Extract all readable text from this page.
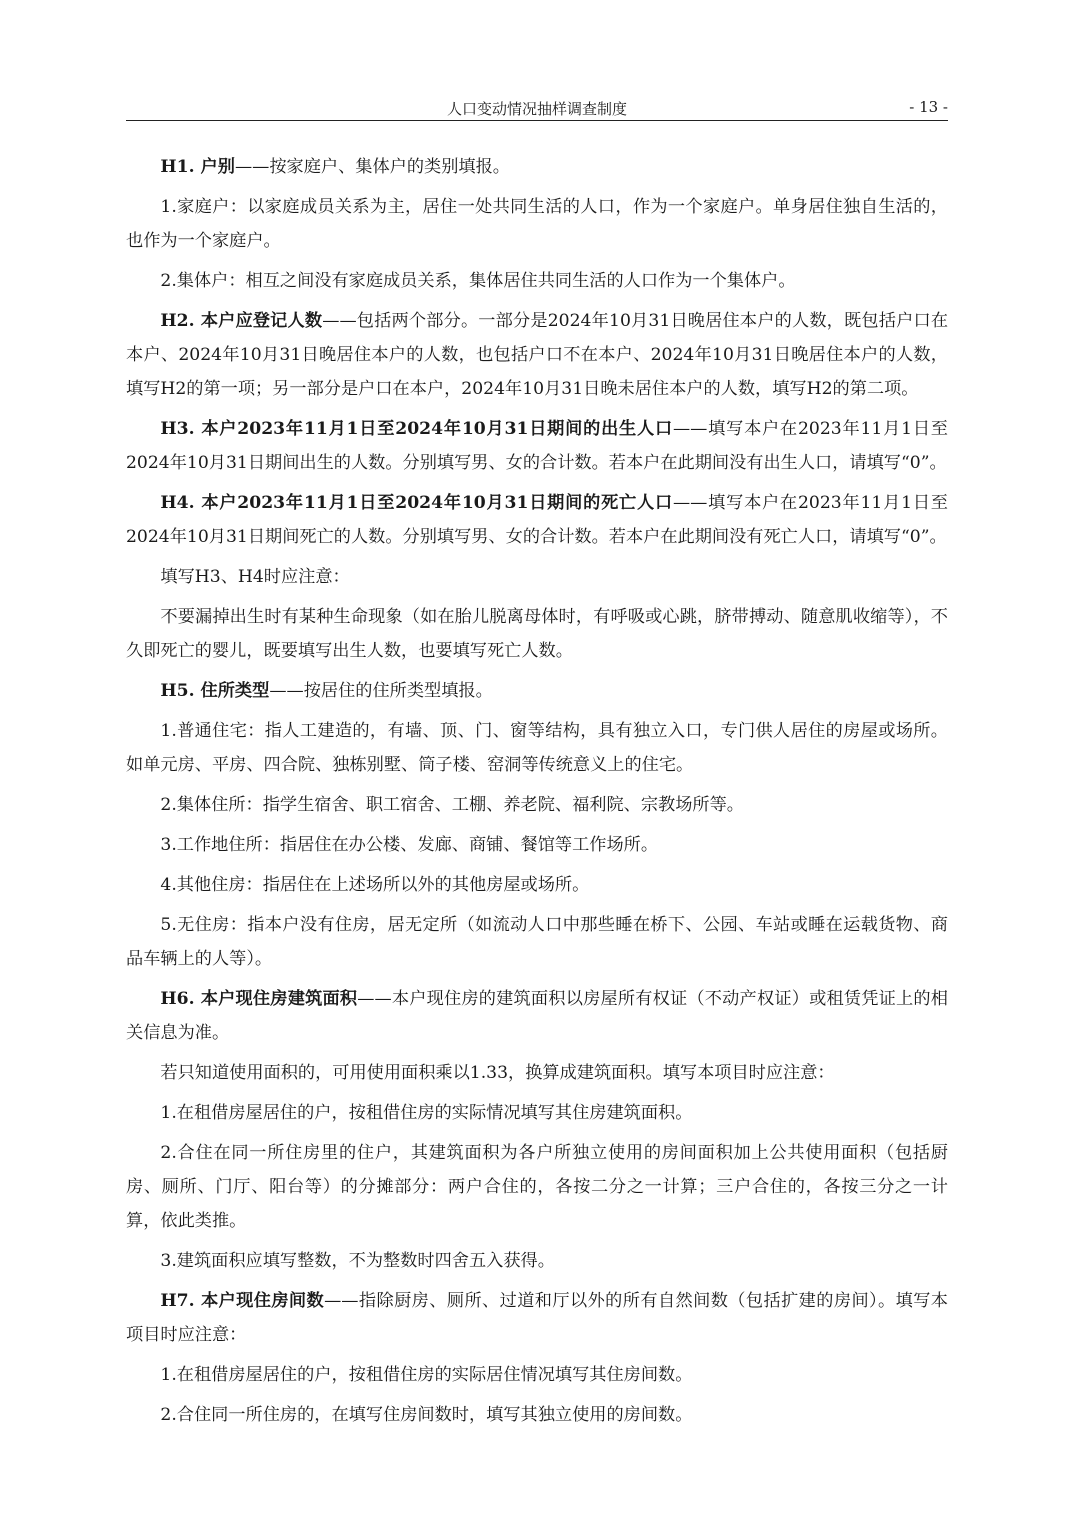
人口变动情况抽样调查制度	- 13 -

H1. 户别——按家庭户、集体户的类别填报。

1.家庭户：以家庭成员关系为主，居住一处共同生活的人口，作为一个家庭户。单身居住独自生活的，也作为一个家庭户。

2.集体户：相互之间没有家庭成员关系，集体居住共同生活的人口作为一个集体户。

H2. 本户应登记人数——包括两个部分。一部分是2024年10月31日晚居住本户的人数，既包括户口在本户、2024年10月31日晚居住本户的人数，也包括户口不在本户、2024年10月31日晚居住本户的人数，填写H2的第一项；另一部分是户口在本户，2024年10月31日晚未居住本户的人数，填写H2的第二项。

H3. 本户2023年11月1日至2024年10月31日期间的出生人口——填写本户在2023年11月1日至2024年10月31日期间出生的人数。分别填写男、女的合计数。若本户在此期间没有出生人口，请填写“0”。

H4. 本户2023年11月1日至2024年10月31日期间的死亡人口——填写本户在2023年11月1日至2024年10月31日期间死亡的人数。分别填写男、女的合计数。若本户在此期间没有死亡人口，请填写“0”。

填写H3、H4时应注意：

不要漏掉出生时有某种生命现象（如在胎儿脱离母体时，有呼吸或心跳，脐带搏动、随意肌收缩等），不久即死亡的婴儿，既要填写出生人数，也要填写死亡人数。

H5. 住所类型——按居住的住所类型填报。

1.普通住宅：指人工建造的，有墙、顶、门、窗等结构，具有独立入口，专门供人居住的房屋或场所。如单元房、平房、四合院、独栋别墅、筒子楼、窑洞等传统意义上的住宅。

2.集体住所：指学生宿舍、职工宿舍、工棚、养老院、福利院、宗教场所等。

3.工作地住所：指居住在办公楼、发廊、商铺、餐馆等工作场所。

4.其他住房：指居住在上述场所以外的其他房屋或场所。

5.无住房：指本户没有住房，居无定所（如流动人口中那些睡在桥下、公园、车站或睡在运载货物、商品车辆上的人等）。

H6. 本户现住房建筑面积——本户现住房的建筑面积以房屋所有权证（不动产权证）或租赁凭证上的相关信息为准。

若只知道使用面积的，可用使用面积乘以1.33，换算成建筑面积。填写本项目时应注意：

1.在租借房屋居住的户，按租借住房的实际情况填写其住房建筑面积。

2.合住在同一所住房里的住户，其建筑面积为各户所独立使用的房间面积加上公共使用面积（包括厨房、厕所、门厅、阳台等）的分摊部分：两户合住的，各按二分之一计算；三户合住的，各按三分之一计算，依此类推。

3.建筑面积应填写整数，不为整数时四舍五入获得。

H7. 本户现住房间数——指除厨房、厕所、过道和厅以外的所有自然间数（包括扩建的房间）。填写本项目时应注意：

1.在租借房屋居住的户，按租借住房的实际居住情况填写其住房间数。

2.合住同一所住房的，在填写住房间数时，填写其独立使用的房间数。
